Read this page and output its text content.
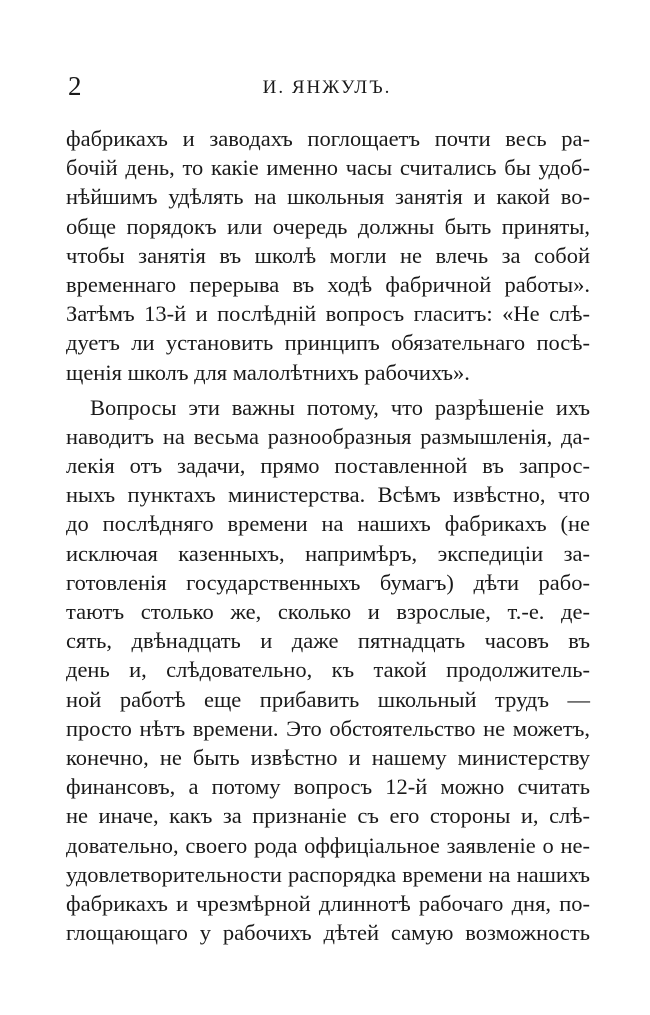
2	И. ЯНЖУЛЪ.
фабрикахъ и заводахъ поглощаетъ почти весь ра-
бочій день, то какіе именно часы считались бы удоб-
нѣйшимъ удѣлять на школьныя занятія и какой во-
обще порядокъ или очередь должны быть приняты,
чтобы занятія въ школѣ могли не влечь за собой
временнаго перерыва въ ходѣ фабричной работы».
Затѣмъ 13-й и послѣдній вопросъ гласитъ: «Не слѣ-
дуетъ ли установить принципъ обязательнаго посѣ-
щенія школъ для малолѣтнихъ рабочихъ».
Вопросы эти важны потому, что разрѣшеніе ихъ
наводитъ на весьма разнообразныя размышленія, да-
лекія отъ задачи, прямо поставленной въ запрос-
ныхъ пунктахъ министерства. Всѣмъ извѣстно, что
до послѣдняго времени на нашихъ фабрикахъ (не
исключая казенныхъ, напримѣръ, экспедиціи за-
готовленія государственныхъ бумагъ) дѣти рабо-
таютъ столько же, сколько и взрослые, т.-е. де-
сять, двѣнадцать и даже пятнадцать часовъ въ
день и, слѣдовательно, къ такой продолжитель-
ной работѣ еще прибавить школьный трудъ —
просто нѣтъ времени. Это обстоятельство не можетъ,
конечно, не быть извѣстно и нашему министерству
финансовъ, а потому вопросъ 12-й можно считать
не иначе, какъ за признаніе съ его стороны и, слѣ-
довательно, своего рода оффиціальное заявленіе о не-
удовлетворительности распорядка времени на нашихъ
фабрикахъ и чрезмѣрной длиннотѣ рабочаго дня, по-
глощающаго у рабочихъ дѣтей самую возможность
